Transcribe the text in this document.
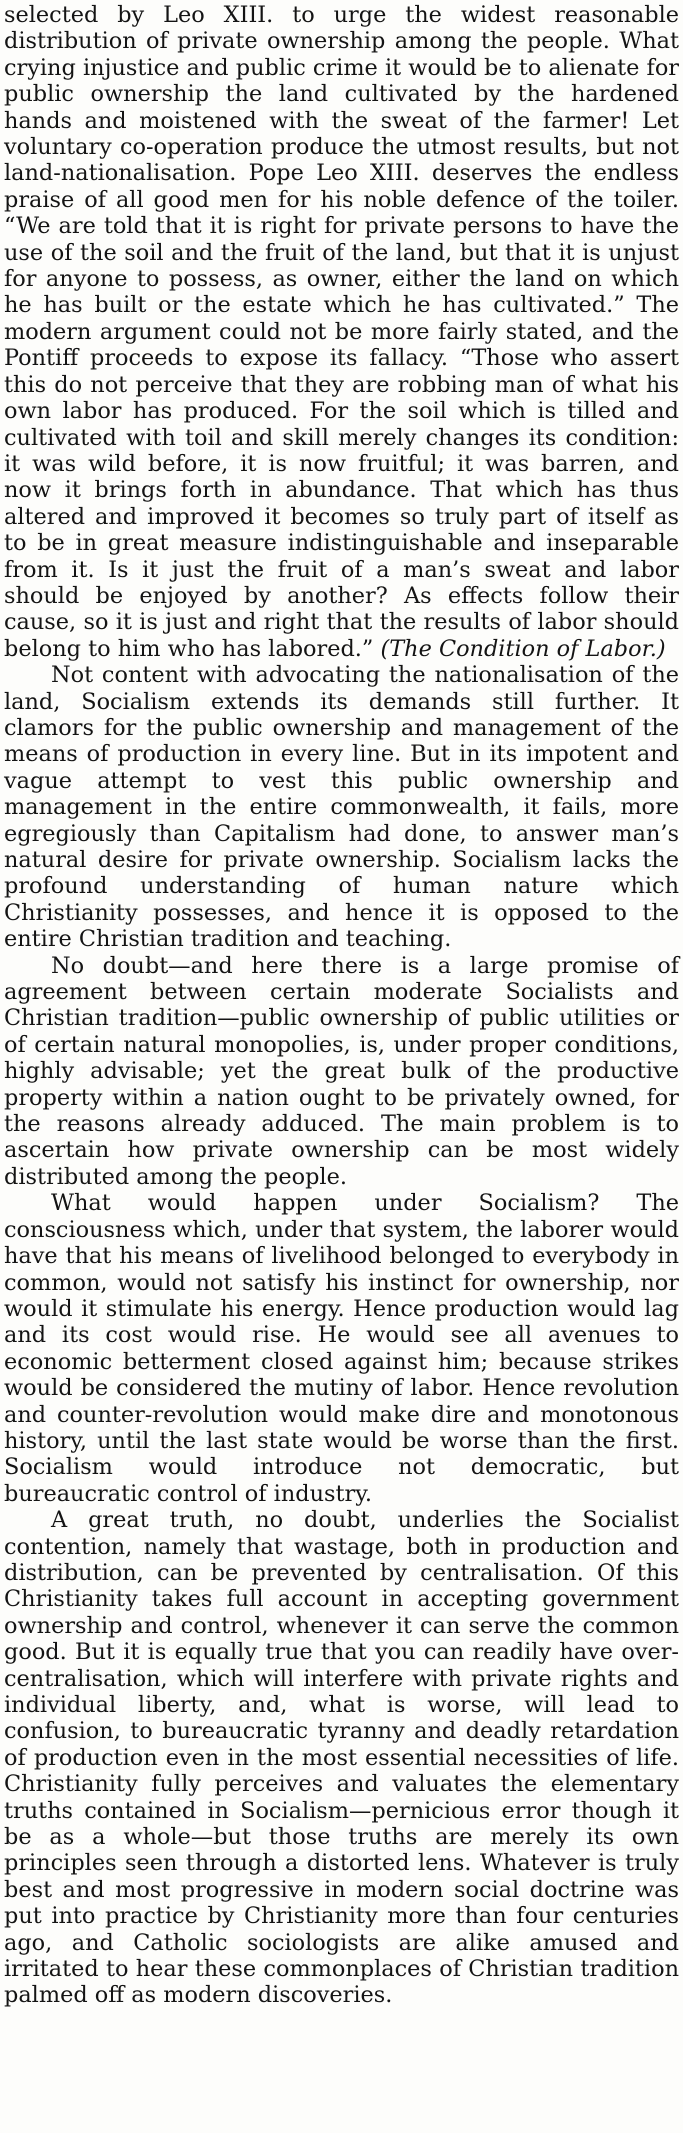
selected by Leo XIII. to urge the widest reasonable distribution of private ownership among the people. What crying injustice and public crime it would be to alienate for public ownership the land cultivated by the hardened hands and moistened with the sweat of the farmer! Let voluntary co-operation produce the utmost results, but not land-nationalisation. Pope Leo XIII. deserves the endless praise of all good men for his noble defence of the toiler. “We are told that it is right for private persons to have the use of the soil and the fruit of the land, but that it is unjust for anyone to possess, as owner, either the land on which he has built or the estate which he has cultivated.” The modern argument could not be more fairly stated, and the Pontiff proceeds to expose its fallacy. “Those who assert this do not perceive that they are robbing man of what his own labor has produced. For the soil which is tilled and cultivated with toil and skill merely changes its condition: it was wild before, it is now fruitful; it was barren, and now it brings forth in abundance. That which has thus altered and improved it becomes so truly part of itself as to be in great measure indistinguishable and inseparable from it. Is it just the fruit of a man’s sweat and labor should be enjoyed by another? As effects follow their cause, so it is just and right that the results of labor should belong to him who has labored.” (The Condition of Labor.)

Not content with advocating the nationalisation of the land, Socialism extends its demands still further. It clamors for the public ownership and management of the means of production in every line. But in its impotent and vague attempt to vest this public ownership and management in the entire commonwealth, it fails, more egregiously than Capitalism had done, to answer man’s natural desire for private ownership. Socialism lacks the profound understanding of human nature which Christianity possesses, and hence it is opposed to the entire Christian tradition and teaching.

No doubt—and here there is a large promise of agreement between certain moderate Socialists and Christian tradition—public ownership of public utilities or of certain natural monopolies, is, under proper conditions, highly advisable; yet the great bulk of the productive property within a nation ought to be privately owned, for the reasons already adduced. The main problem is to ascertain how private ownership can be most widely distributed among the people.

What would happen under Socialism? The consciousness which, under that system, the laborer would have that his means of livelihood belonged to everybody in common, would not satisfy his instinct for ownership, nor would it stimulate his energy. Hence production would lag and its cost would rise. He would see all avenues to economic betterment closed against him; because strikes would be considered the mutiny of labor. Hence revolution and counter-revolution would make dire and monotonous history, until the last state would be worse than the first. Socialism would introduce not democratic, but bureaucratic control of industry.

A great truth, no doubt, underlies the Socialist contention, namely that wastage, both in production and distribution, can be prevented by centralisation. Of this Christianity takes full account in accepting government ownership and control, whenever it can serve the common good. But it is equally true that you can readily have over-centralisation, which will interfere with private rights and individual liberty, and, what is worse, will lead to confusion, to bureaucratic tyranny and deadly retardation of production even in the most essential necessities of life. Christianity fully perceives and valuates the elementary truths contained in Socialism—pernicious error though it be as a whole—but those truths are merely its own principles seen through a distorted lens. Whatever is truly best and most progressive in modern social doctrine was put into practice by Christianity more than four centuries ago, and Catholic sociologists are alike amused and irritated to hear these commonplaces of Christian tradition palmed off as modern discoveries.
